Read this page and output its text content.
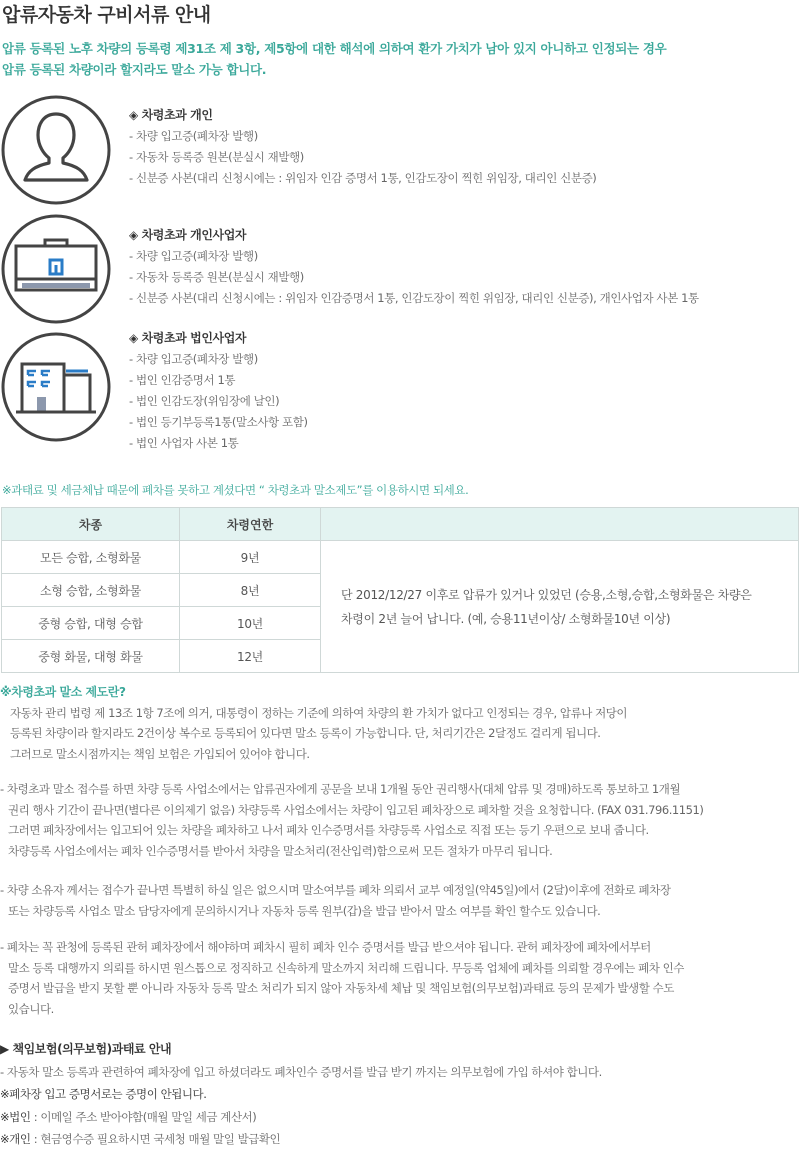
압류자동차 구비서류 안내
압류 등록된 노후 차량의 등록령 제31조 제 3항, 제5항에 대한 해석에 의하여 환가 가치가 남아 있지 아니하고 인정되는 경우
압류 등록된 차량이라 할지라도 말소 가능 합니다.
◈ 차령초과 개인
- 차량 입고증(폐차장 발행)
- 자동차 등록증 원본(분실시 재발행)
- 신분증 사본(대리 신청시에는 : 위임자 인감 증명서 1통, 인감도장이 찍힌 위임장, 대리인 신분증)
◈ 차령초과 개인사업자
- 차량 입고증(폐차장 발행)
- 자동차 등록증 원본(분실시 재발행)
- 신분증 사본(대리 신청시에는 : 위임자 인감증명서 1통, 인감도장이 찍힌 위임장, 대리인 신분증), 개인사업자 사본 1통
◈ 차령초과 법인사업자
- 차량 입고증(폐차장 발행)
- 법인 인감증명서 1통
- 법인 인감도장(위임장에 날인)
- 법인 등기부등록1통(말소사항 포함)
- 법인 사업자 사본 1통
※과태료 및 세금체납 때문에 폐차를 못하고 계셨다면 “ 차령초과 말소제도”를 이용하시면 되세요.
차종	차령연한	
모든 승합, 소형화물	9년	단 2012/12/27 이후로 압류가 있거나 있었던 (승용,소형,승합,소형화물은 차량은
차령이 2년 늘어 납니다. (예, 승용11년이상/ 소형화물10년 이상)

소형 승합, 소형화물	8년	
중형 승합, 대형 승합	10년	
중형 화물, 대형 화물	12년	
※차령초과 말소 제도란?
자동차 관리 법령 제 13조 1항 7조에 의거, 대통령이 정하는 기준에 의하여 차량의 환 가치가 없다고 인정되는 경우, 압류나 저당이
등록된 차량이라 할지라도 2건이상 복수로 등록되어 있다면 말소 등록이 가능합니다. 단, 처리기간은 2달정도 걸리게 됩니다.
그러므로 말소시점까지는 책임 보험은 가입되어 있어야 합니다.
- 차령초과 말소 접수를 하면 차량 등록 사업소에서는 압류권자에게 공문을 보내 1개월 동안 권리행사(대체 압류 및 경매)하도록 통보하고 1개월
권리 행사 기간이 끝나면(별다른 이의제기 없음) 차량등록 사업소에서는 차량이 입고된 폐차장으로 폐차할 것을 요청합니다. (FAX 031.796.1151)
그러면 폐차장에서는 입고되어 있는 차량을 폐차하고 나서 폐차 인수증명서를 차량등록 사업소로 직접 또는 등기 우편으로 보내 줍니다.
차량등록 사업소에서는 폐차 인수증명서를 받아서 차량을 말소처리(전산입력)함으로써 모든 절차가 마무리 됩니다.
- 차량 소유자 께서는 접수가 끝나면 특별히 하실 일은 없으시며 말소여부를 폐차 의뢰서 교부 예정일(약45일)에서 (2달)이후에 전화로 폐차장
또는 차량등록 사업소 말소 담당자에게 문의하시거나 자동차 등록 원부(갑)을 발급 받아서 말소 여부를 확인 할수도 있습니다.
- 폐차는 꼭 관청에 등록된 관허 폐차장에서 해야하며 폐차시 필히 폐차 인수 증명서를 발급 받으셔야 됩니다. 관허 폐차장에 폐차에서부터
말소 등록 대행까지 의뢰를 하시면 원스톱으로 정직하고 신속하게 말소까지 처리해 드립니다. 무등록 업체에 폐차를 의뢰할 경우에는 폐차 인수
증명서 발급을 받지 못할 뿐 아니라 자동차 등록 말소 처리가 되지 않아 자동차세 체납 및 책임보험(의무보험)과태료 등의 문제가 발생할 수도
있습니다.
▶ 책임보험(의무보험)과태료 안내
- 자동차 말소 등록과 관련하여 폐차장에 입고 하셨더라도 폐차인수 증명서를 발급 받기 까지는 의무보험에 가입 하셔야 합니다.
※폐차장 입고 증명서로는 증명이 안됩니다.
※법인 : 이메일 주소 받아야함(매월 말일 세금 계산서)
※개인 : 현금영수증 필요하시면 국세청 매월 말일 발급확인
